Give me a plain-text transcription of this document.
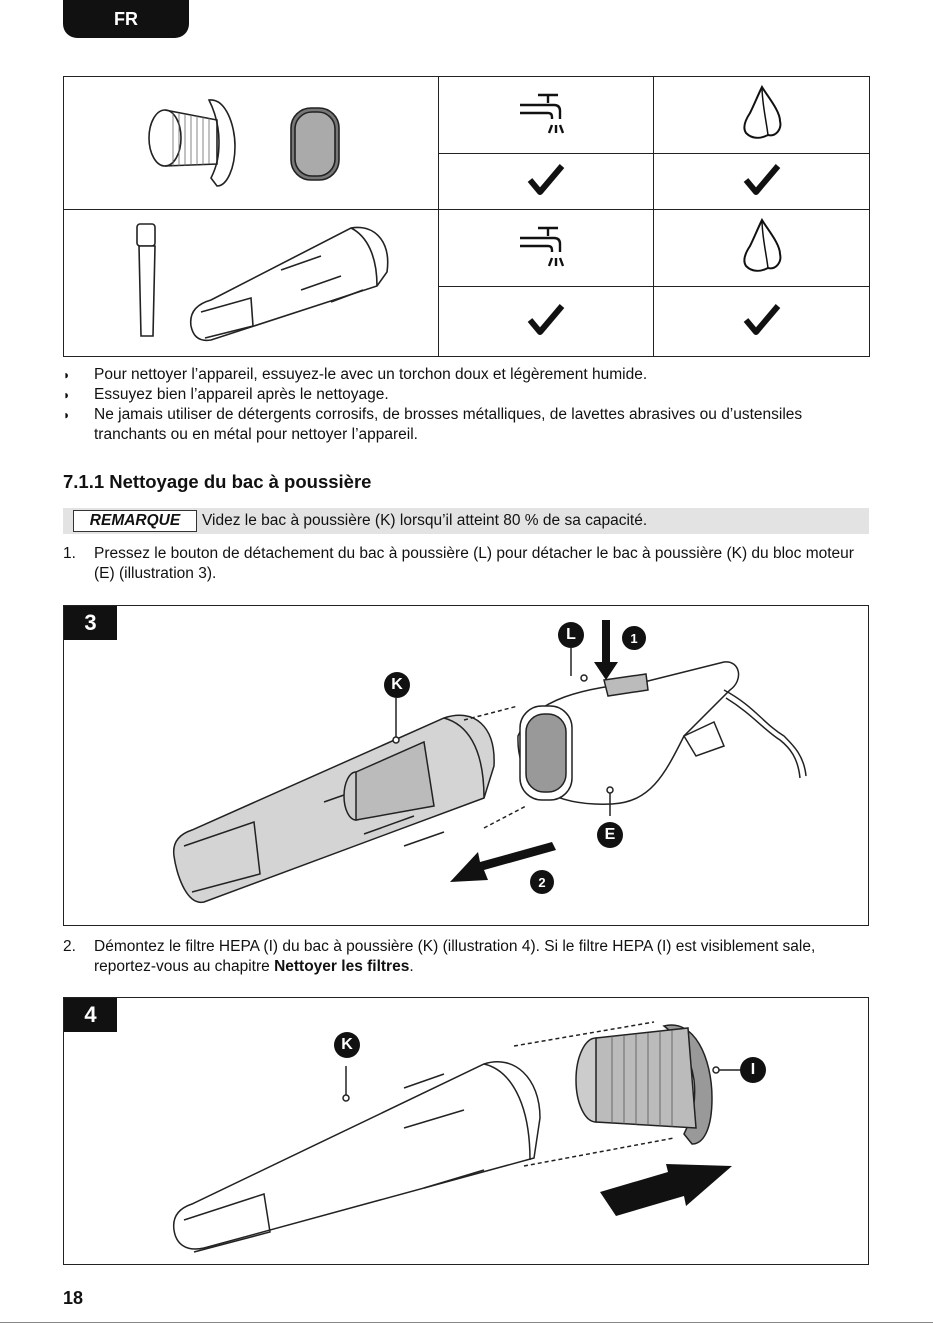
FR

◗ Pour nettoyer l’appareil, essuyez-le avec un torchon doux et légèrement humide.
◗ Essuyez bien l’appareil après le nettoyage.
◗ Ne jamais utiliser de détergents corrosifs, de brosses métalliques, de lavettes abrasives ou d’ustensiles tranchants ou en métal pour nettoyer l’appareil.
7.1.1 Nettoyage du bac à poussière
REMARQUE	Videz le bac à poussière (K) lorsqu’il atteint 80 % de sa capacité.
1. Pressez le bouton de détachement du bac à poussière (L) pour détacher le bac à poussière (K) du bloc moteur (E) (illustration 3).
3
K
L
E
1
2
2. Démontez le filtre HEPA (I) du bac à poussière (K) (illustration 4). Si le filtre HEPA (I) est visiblement sale, reportez-vous au chapitre Nettoyer les filtres.
4
K
I
18
